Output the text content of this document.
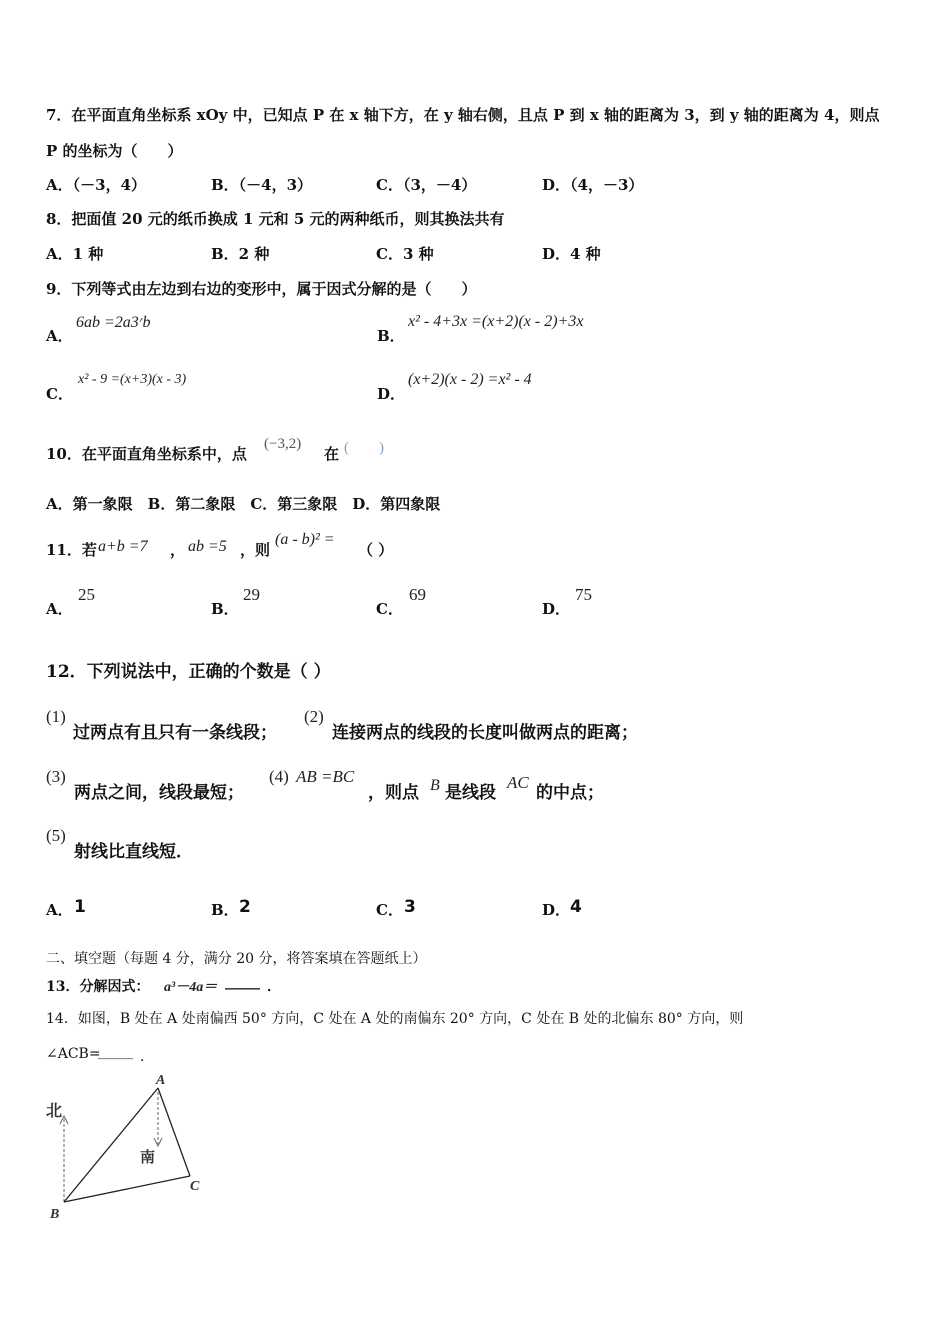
7．在平面直角坐标系 xOy 中，已知点 P 在 x 轴下方，在 y 轴右侧，且点 P 到 x 轴的距离为 3，到 y 轴的距离为 4，则点
P 的坐标为（　　）
A．（－3，4）	B．（－4，3）	C．（3，－4）	D．（4，－3）
8．把面值 20 元的纸币换成 1 元和 5 元的两种纸币，则其换法共有
A．1 种	B．2 种	C．3 种	D．4 种
9．下列等式由左边到右边的变形中，属于因式分解的是（　　）
A．
6ab =2a׳3b
B．
x² - 4+3x =(x+2)(x - 2)+3x
C．
x² - 9 =(x+3)(x - 3)
D．
(x+2)(x - 2) =x² - 4
10．在平面直角坐标系中，点
(−3,2)
在 (　　)
A．第一象限　B．第二象限　C．第三象限　D．第四象限
11．若 a+b =7 ， ab =5 ，则
(a - b)² =
（ ）
A．
25
B．
29
C．
69
D．
75
12．下列说法中，正确的个数是（ ）
(1)
过两点有且只有一条线段；
(2)
连接两点的线段的长度叫做两点的距离；
(3)
两点之间，线段最短；
(4) AB =BC
，则点 B 是线段
AC
的中点；
(5)
射线比直线短．
A． 1	B． 2	C． 3	D． 4
二、填空题（每题 4 分，满分 20 分，将答案填在答题纸上）
13．分解因式： a³－4a＝ _____ ．
14．如图，B 处在 A 处南偏西 50° 方向，C 处在 A 处的南偏东 20° 方向，C 处在 B 处的北偏东 80° 方向，则
∠ACB=
_____ ．
北
南
A
B
C
